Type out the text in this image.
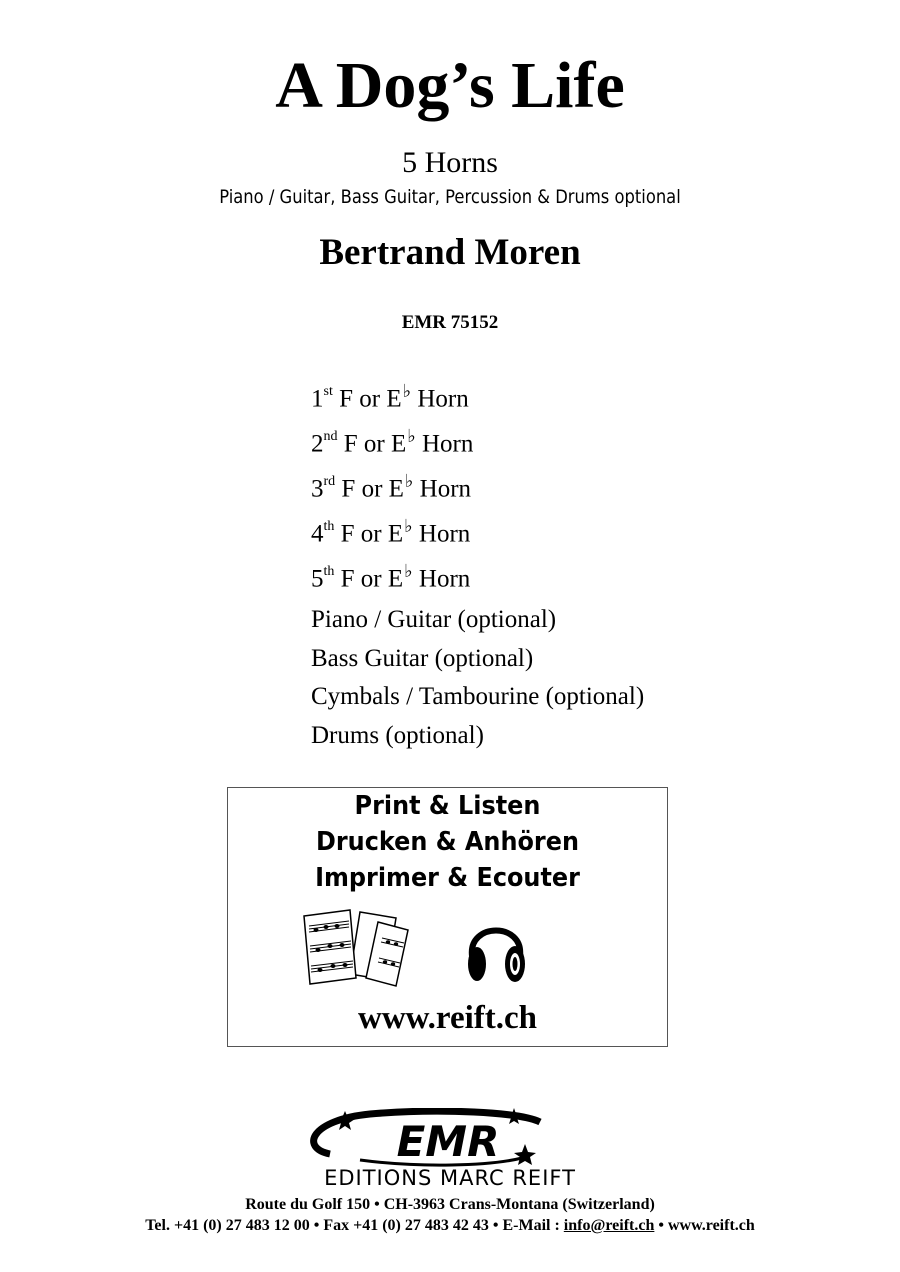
A Dog’s Life
5 Horns
Piano / Guitar, Bass Guitar, Percussion & Drums optional
Bertrand Moren
EMR 75152
1st F or E♭ Horn
2nd F or E♭ Horn
3rd F or E♭ Horn
4th F or E♭ Horn
5th F or E♭ Horn
Piano / Guitar (optional)
Bass Guitar (optional)
Cymbals / Tambourine (optional)
Drums (optional)
Print & Listen
Drucken & Anhören
Imprimer & Ecouter
www.reift.ch
EMR
EDITIONS MARC REIFT
Route du Golf 150 • CH-3963 Crans-Montana (Switzerland)
Tel. +41 (0) 27 483 12 00 • Fax +41 (0) 27 483 42 43 • E-Mail : info@reift.ch • www.reift.ch
